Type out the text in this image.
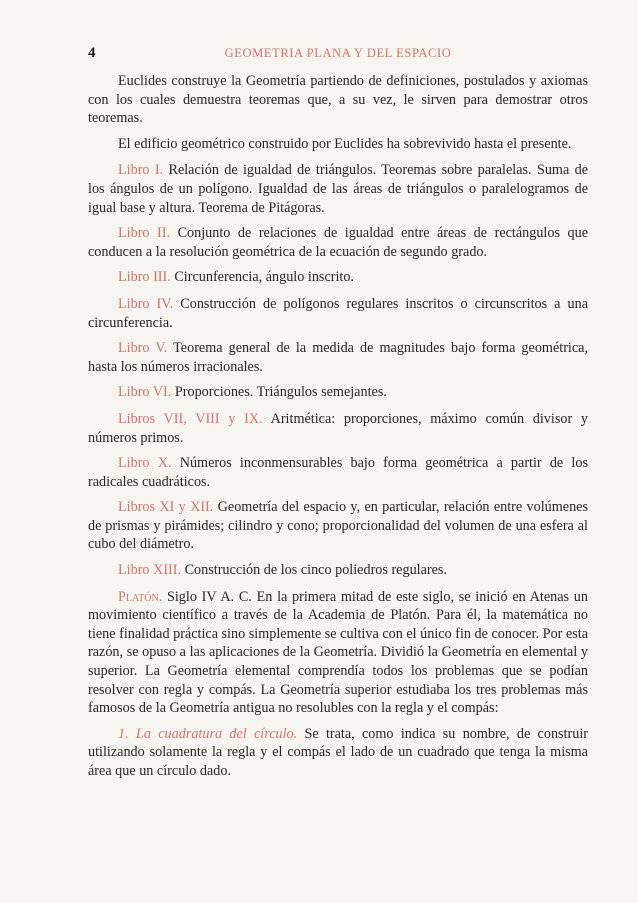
4	GEOMETRIA PLANA Y DEL ESPACIO

Euclides construye la Geometría partiendo de definiciones, postulados y axiomas con los cuales demuestra teoremas que, a su vez, le sirven para demostrar otros teoremas.

El edificio geométrico construido por Euclides ha sobrevivido hasta el presente.

Libro I. Relación de igualdad de triángulos. Teoremas sobre paralelas. Suma de los ángulos de un polígono. Igualdad de las áreas de triángulos o paralelogramos de igual base y altura. Teorema de Pitágoras.

Libro II. Conjunto de relaciones de igualdad entre áreas de rectángulos que conducen a la resolución geométrica de la ecuación de segundo grado.

Libro III. Circunferencia, ángulo inscrito.

Libro IV. Construcción de polígonos regulares inscritos o circunscritos a una circunferencia.

Libro V. Teorema general de la medida de magnitudes bajo forma geométrica, hasta los números irracionales.

Libro VI. Proporciones. Triángulos semejantes.

Libros VII, VIII y IX. Aritmética: proporciones, máximo común divisor y números primos.

Libro X. Números inconmensurables bajo forma geométrica a partir de los radicales cuadráticos.

Libros XI y XII. Geometría del espacio y, en particular, relación entre volúmenes de prismas y pirámides; cilindro y cono; proporcionalidad del volumen de una esfera al cubo del diámetro.

Libro XIII. Construcción de los cinco poliedros regulares.

Platón. Siglo IV A. C. En la primera mitad de este siglo, se inició en Atenas un movimiento científico a través de la Academia de Platón. Para él, la matemática no tiene finalidad práctica sino simplemente se cultiva con el único fin de conocer. Por esta razón, se opuso a las aplicaciones de la Geometría. Dividió la Geometría en elemental y superior. La Geometría elemental comprendía todos los problemas que se podían resolver con regla y compás. La Geometría superior estudiaba los tres problemas más famosos de la Geometría antigua no resolubles con la regla y el compás:

1. La cuadratura del círculo. Se trata, como indica su nombre, de construir utilizando solamente la regla y el compás el lado de un cuadrado que tenga la misma área que un círculo dado.
